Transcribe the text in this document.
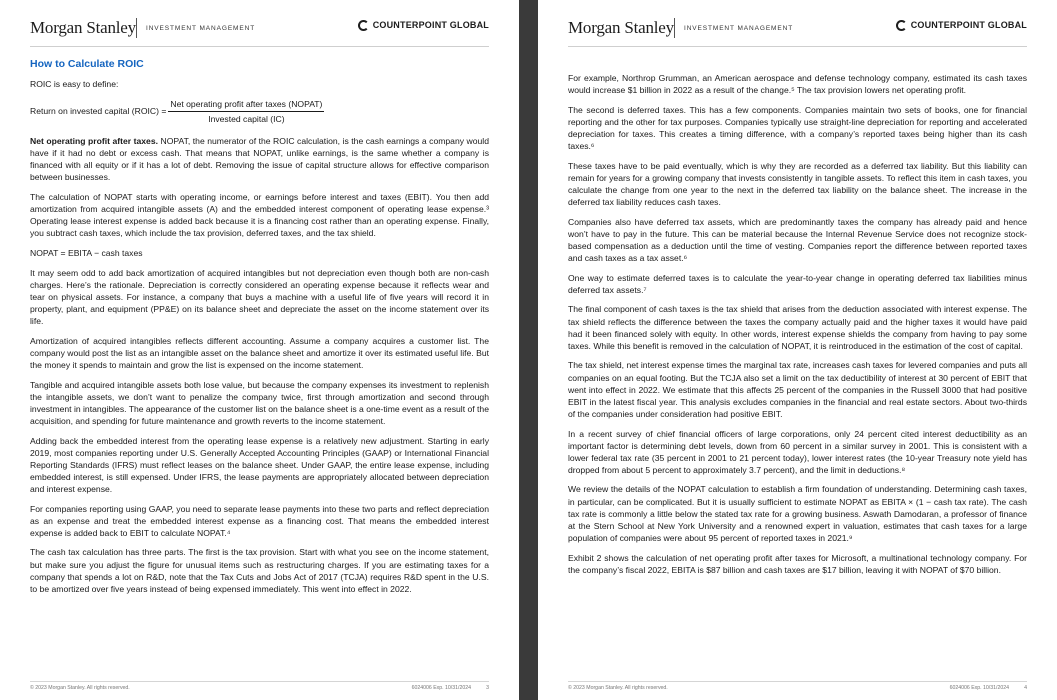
Morgan Stanley INVESTMENT MANAGEMENT	COUNTERPOINT GLOBAL
How to Calculate ROIC

ROIC is easy to define:

Return on invested capital (ROIC) = $\frac{\text{Net operating profit after taxes (NOPAT)}}{\text{Invested capital (IC)}}$

Net operating profit after taxes. NOPAT, the numerator of the ROIC calculation, is the cash earnings a company would have if it had no debt or excess cash. That means that NOPAT, unlike earnings, is the same whether a company is financed with all equity or if it has a lot of debt. Removing the issue of capital structure allows for effective comparison between businesses.

The calculation of NOPAT starts with operating income, or earnings before interest and taxes (EBIT). You then add amortization from acquired intangible assets (A) and the embedded interest component of operating lease expense.³ Operating lease interest expense is added back because it is a financing cost rather than an operating expense. Finally, you subtract cash taxes, which include the tax provision, deferred taxes, and the tax shield.

NOPAT = EBITA − cash taxes

It may seem odd to add back amortization of acquired intangibles but not depreciation even though both are non-cash charges. Here’s the rationale. Depreciation is correctly considered an operating expense because it reflects wear and tear on physical assets. For instance, a company that buys a machine with a useful life of five years will record it in property, plant, and equipment (PP&E) on its balance sheet and depreciate the asset on the income statement over its life.

Amortization of acquired intangibles reflects different accounting. Assume a company acquires a customer list. The company would post the list as an intangible asset on the balance sheet and amortize it over its estimated useful life. But the money it spends to maintain and grow the list is expensed on the income statement.

Tangible and acquired intangible assets both lose value, but because the company expenses its investment to replenish the intangible assets, we don’t want to penalize the company twice, first through amortization and second through investment in intangibles. The appearance of the customer list on the balance sheet is a one-time event as a result of the acquisition, and spending for future maintenance and growth reverts to the income statement.

Adding back the embedded interest from the operating lease expense is a relatively new adjustment. Starting in early 2019, most companies reporting under U.S. Generally Accepted Accounting Principles (GAAP) or International Financial Reporting Standards (IFRS) must reflect leases on the balance sheet. Under GAAP, the entire lease expense, including embedded interest, is still expensed. Under IFRS, the lease payments are appropriately allocated between depreciation and interest expense.

For companies reporting using GAAP, you need to separate lease payments into these two parts and reflect depreciation as an expense and treat the embedded interest expense as a financing cost. That means the embedded interest expense is added back to EBIT to calculate NOPAT.⁴

The cash tax calculation has three parts. The first is the tax provision. Start with what you see on the income statement, but make sure you adjust the figure for unusual items such as restructuring charges. If you are estimating taxes for a company that spends a lot on R&D, note that the Tax Cuts and Jobs Act of 2017 (TCJA) requires R&D spent in the U.S. to be amortized over five years instead of being expensed immediately. This went into effect in 2022.

© 2023 Morgan Stanley. All rights reserved.	6024006 Exp. 10/31/2024	3
Morgan Stanley INVESTMENT MANAGEMENT	COUNTERPOINT GLOBAL

For example, Northrop Grumman, an American aerospace and defense technology company, estimated its cash taxes would increase $1 billion in 2022 as a result of the change.⁵ The tax provision lowers net operating profit.

The second is deferred taxes. This has a few components. Companies maintain two sets of books, one for financial reporting and the other for tax purposes. Companies typically use straight-line depreciation for reporting and accelerated depreciation for taxes. This creates a timing difference, with a company’s reported taxes being higher than its cash taxes.⁶

These taxes have to be paid eventually, which is why they are recorded as a deferred tax liability. But this liability can remain for years for a growing company that invests consistently in tangible assets. To reflect this item in cash taxes, you calculate the change from one year to the next in the deferred tax liability on the balance sheet. The increase in the deferred tax liability reduces cash taxes.

Companies also have deferred tax assets, which are predominantly taxes the company has already paid and hence won’t have to pay in the future. This can be material because the Internal Revenue Service does not recognize stock-based compensation as a deduction until the time of vesting. Companies report the difference between reported taxes and cash taxes as a tax asset.⁶

One way to estimate deferred taxes is to calculate the year-to-year change in operating deferred tax liabilities minus deferred tax assets.⁷

The final component of cash taxes is the tax shield that arises from the deduction associated with interest expense. The tax shield reflects the difference between the taxes the company actually paid and the higher taxes it would have paid had it been financed solely with equity. In other words, interest expense shields the company from having to pay some taxes. While this benefit is removed in the calculation of NOPAT, it is reintroduced in the estimation of the cost of capital.

The tax shield, net interest expense times the marginal tax rate, increases cash taxes for levered companies and puts all companies on an equal footing. But the TCJA also set a limit on the tax deductibility of interest at 30 percent of EBIT that went into effect in 2022. We estimate that this affects 25 percent of the companies in the Russell 3000 that had positive EBIT in the latest fiscal year. This analysis excludes companies in the financial and real estate sectors. About two-thirds of the companies under consideration had positive EBIT.

In a recent survey of chief financial officers of large corporations, only 24 percent cited interest deductibility as an important factor is determining debt levels, down from 60 percent in a similar survey in 2001. This is consistent with a lower federal tax rate (35 percent in 2001 to 21 percent today), lower interest rates (the 10-year Treasury note yield has dropped from about 5 percent to approximately 3.7 percent), and the limit in deductions.⁸

We review the details of the NOPAT calculation to establish a firm foundation of understanding. Determining cash taxes, in particular, can be complicated. But it is usually sufficient to estimate NOPAT as EBITA × (1 − cash tax rate). The cash tax rate is commonly a little below the stated tax rate for a growing business. Aswath Damodaran, a professor of finance at the Stern School at New York University and a renowned expert in valuation, estimates that cash taxes for a large population of companies were about 95 percent of reported taxes in 2021.⁹

Exhibit 2 shows the calculation of net operating profit after taxes for Microsoft, a multinational technology company. For the company’s fiscal 2022, EBITA is $87 billion and cash taxes are $17 billion, leaving it with NOPAT of $70 billion.

© 2023 Morgan Stanley. All rights reserved.	6024006 Exp. 10/31/2024	4
